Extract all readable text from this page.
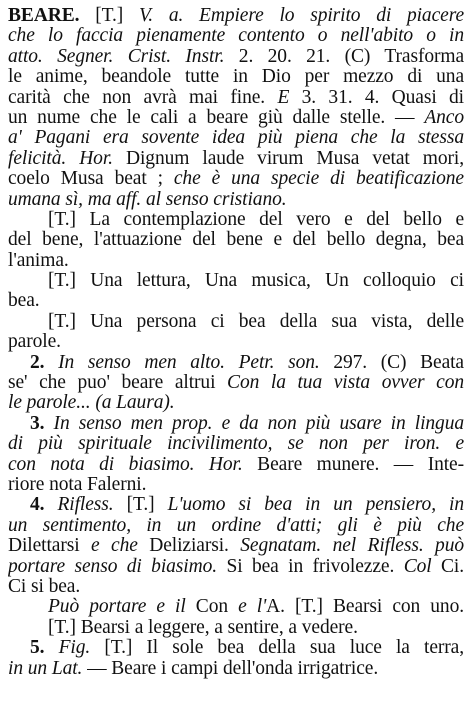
BEARE. [T.] V. a. Empiere lo spirito di piacere
che lo faccia pienamente contento o nell'abito o in
atto. Segner. Crist. Instr. 2. 20. 21. (C) Trasforma
le anime, beandole tutte in Dio per mezzo di una
carità che non avrà mai fine. E 3. 31. 4. Quasi di
un nume che le cali a beare giù dalle stelle. — Anco
a' Pagani era sovente idea più piena che la stessa
felicità. Hor. Dignum laude virum Musa vetat mori,
coelo Musa beat ; che è una specie di beatificazione
umana sì, ma aff. al senso cristiano.
[T.] La contemplazione del vero e del bello e
del bene, l'attuazione del bene e del bello degna, bea
l'anima.
[T.] Una lettura, Una musica, Un colloquio ci
bea.
[T.] Una persona ci bea della sua vista, delle
parole.
2. In senso men alto. Petr. son. 297. (C) Beata
se' che puo' beare altrui Con la tua vista ovver con
le parole... (a Laura).
3. In senso men prop. e da non più usare in lingua
di più spirituale incivilimento, se non per iron. e
con nota di biasimo. Hor. Beare munere. — Inte-
riore nota Falerni.
4. Rifless. [T.] L'uomo si bea in un pensiero, in
un sentimento, in un ordine d'atti; gli è più che
Dilettarsi e che Deliziarsi. Segnatam. nel Rifless. può
portare senso di biasimo. Si bea in frivolezze. Col Ci.
Ci si bea.
Può portare e il Con e l'A. [T.] Bearsi con uno.
[T.] Bearsi a leggere, a sentire, a vedere.
5. Fig. [T.] Il sole bea della sua luce la terra,
in un Lat. — Beare i campi dell'onda irrigatrice.
